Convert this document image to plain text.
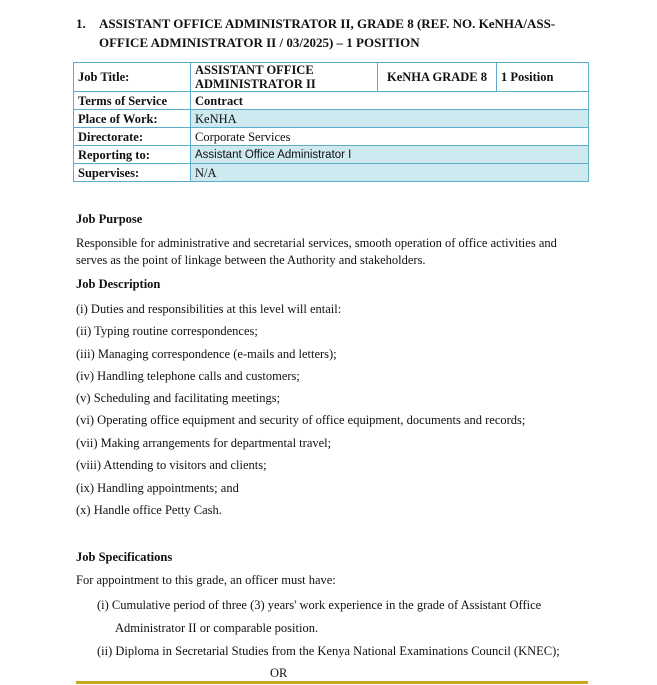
1. ASSISTANT OFFICE ADMINISTRATOR II, GRADE 8 (REF. NO. KeNHA/ASS-OFFICE ADMINISTRATOR II / 03/2025) – 1 POSITION
Job Title:	ASSISTANT OFFICE ADMINISTRATOR II	KeNHA GRADE 8	1 Position
Terms of Service	Contract		
Place of Work:	KeNHA		
Directorate:	Corporate Services		
Reporting to:	Assistant Office Administrator I		
Supervises:	N/A		
Job Purpose
Responsible for administrative and secretarial services, smooth operation of office activities and serves as the point of linkage between the Authority and stakeholders.
Job Description
(i) Duties and responsibilities at this level will entail:
(ii) Typing routine correspondences;
(iii) Managing correspondence (e-mails and letters);
(iv) Handling telephone calls and customers;
(v) Scheduling and facilitating meetings;
(vi) Operating office equipment and security of office equipment, documents and records;
(vii) Making arrangements for departmental travel;
(viii) Attending to visitors and clients;
(ix) Handling appointments; and
(x) Handle office Petty Cash.
Job Specifications
For appointment to this grade, an officer must have:
(i) Cumulative period of three (3) years' work experience in the grade of Assistant Office
Administrator II or comparable position.
(ii) Diploma in Secretarial Studies from the Kenya National Examinations Council (KNEC);
OR
